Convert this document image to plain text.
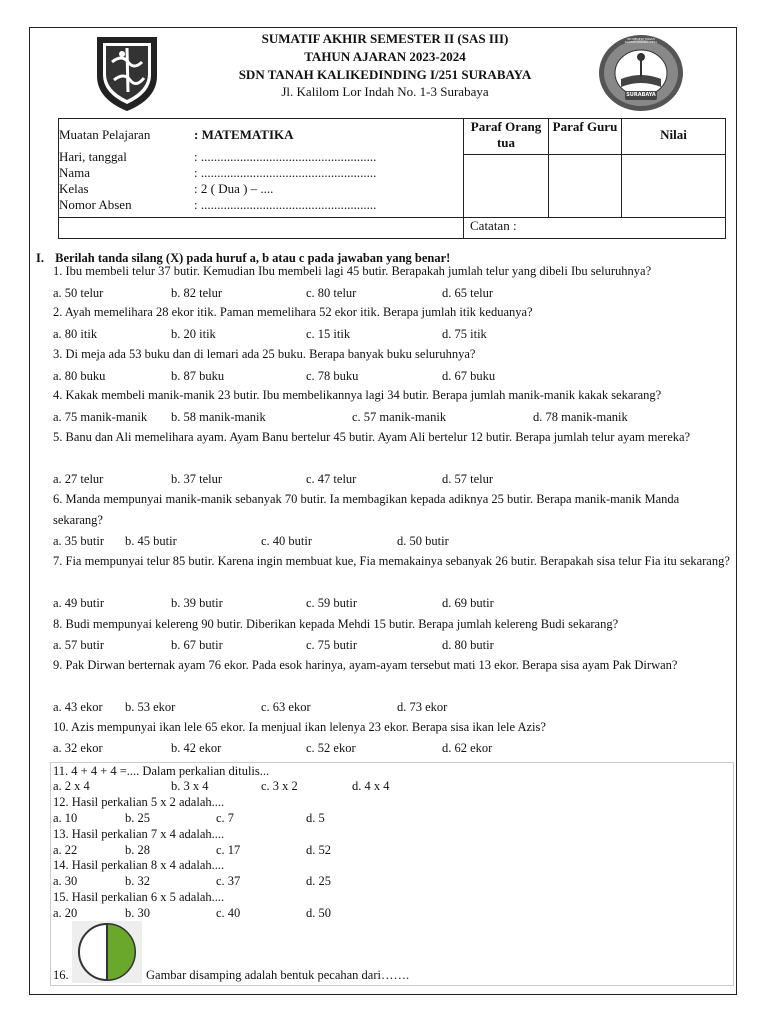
SD NEGERI TANAH KALIKEDINDING I/251
SURABAYA
SUMATIF AKHIR SEMESTER II (SAS III)
TAHUN AJARAN 2023-2024
SDN TANAH KALIKEDINDING I/251 SURABAYA
Jl. Kalilom Lor Indah No. 1-3 Surabaya
Muatan Pelajaran	: MATEMATIKA
Hari, tanggal	: ......................................................
Nama	: ......................................................
Kelas	: 2 ( Dua ) – ....
Nomor Absen	: ......................................................
	Paraf Orang tua	Paraf Guru	Nilai

	Catatan :
I. Berilah tanda silang (X) pada huruf a, b atau c pada jawaban yang benar!
1. Ibu membeli telur 37 butir. Kemudian Ibu membeli lagi 45 butir. Berapakah jumlah telur yang dibeli Ibu seluruhnya?
a. 50 telur	b. 82 telur	c. 80 telur	d. 65 telur
2. Ayah memelihara 28 ekor itik. Paman memelihara 52 ekor itik. Berapa jumlah itik keduanya?
a. 80 itik	b. 20 itik	c. 15 itik	d. 75 itik
3. Di meja ada 53 buku dan di lemari ada 25 buku. Berapa banyak buku seluruhnya?
a. 80 buku	b. 87 buku	c. 78 buku	d. 67 buku
4. Kakak membeli manik-manik 23 butir. Ibu membelikannya lagi 34 butir. Berapa jumlah manik-manik kakak sekarang?
a. 75 manik-manik b. 58 manik-manik	c. 57 manik-manik	d. 78 manik-manik
5. Banu dan Ali memelihara ayam. Ayam Banu bertelur 45 butir. Ayam Ali bertelur 12 butir. Berapa jumlah telur ayam mereka?
a. 27 telur	b. 37 telur	c. 47 telur	d. 57 telur
6. Manda mempunyai manik-manik sebanyak 70 butir. Ia membagikan kepada adiknya 25 butir. Berapa manik-manik Manda sekarang?
a. 35 butir b. 45 butir	c. 40 butir	d. 50 butir
7. Fia mempunyai telur 85 butir. Karena ingin membuat kue, Fia memakainya sebanyak 26 butir. Berapakah sisa telur Fia itu sekarang?
a. 49 butir	b. 39 butir	c. 59 butir	d. 69 butir
8. Budi mempunyai kelereng 90 butir. Diberikan kepada Mehdi 15 butir. Berapa jumlah kelereng Budi sekarang?
a. 57 butir	b. 67 butir	c. 75 butir	d. 80 butir
9. Pak Dirwan berternak ayam 76 ekor. Pada esok harinya, ayam-ayam tersebut mati 13 ekor. Berapa sisa ayam Pak Dirwan?
a. 43 ekor b. 53 ekor	c. 63 ekor	d. 73 ekor
10. Azis mempunyai ikan lele 65 ekor. Ia menjual ikan lelenya 23 ekor. Berapa sisa ikan lele Azis?
a. 32 ekor	b. 42 ekor	c. 52 ekor	d. 62 ekor
11. 4 + 4 + 4 =.... Dalam perkalian ditulis...
a. 2 x 4	b. 3 x 4	c. 3 x 2	d. 4 x 4
12. Hasil perkalian 5 x 2 adalah....
a. 10	b. 25	c. 7	d. 5
13. Hasil perkalian 7 x 4 adalah....
a. 22	b. 28	c. 17	d. 52
14. Hasil perkalian 8 x 4 adalah....
a. 30	b. 32	c. 37	d. 25
15. Hasil perkalian 6 x 5 adalah....
a. 20	b. 30	c. 40	d. 50
16.	Gambar disamping adalah bentuk pecahan dari…….
